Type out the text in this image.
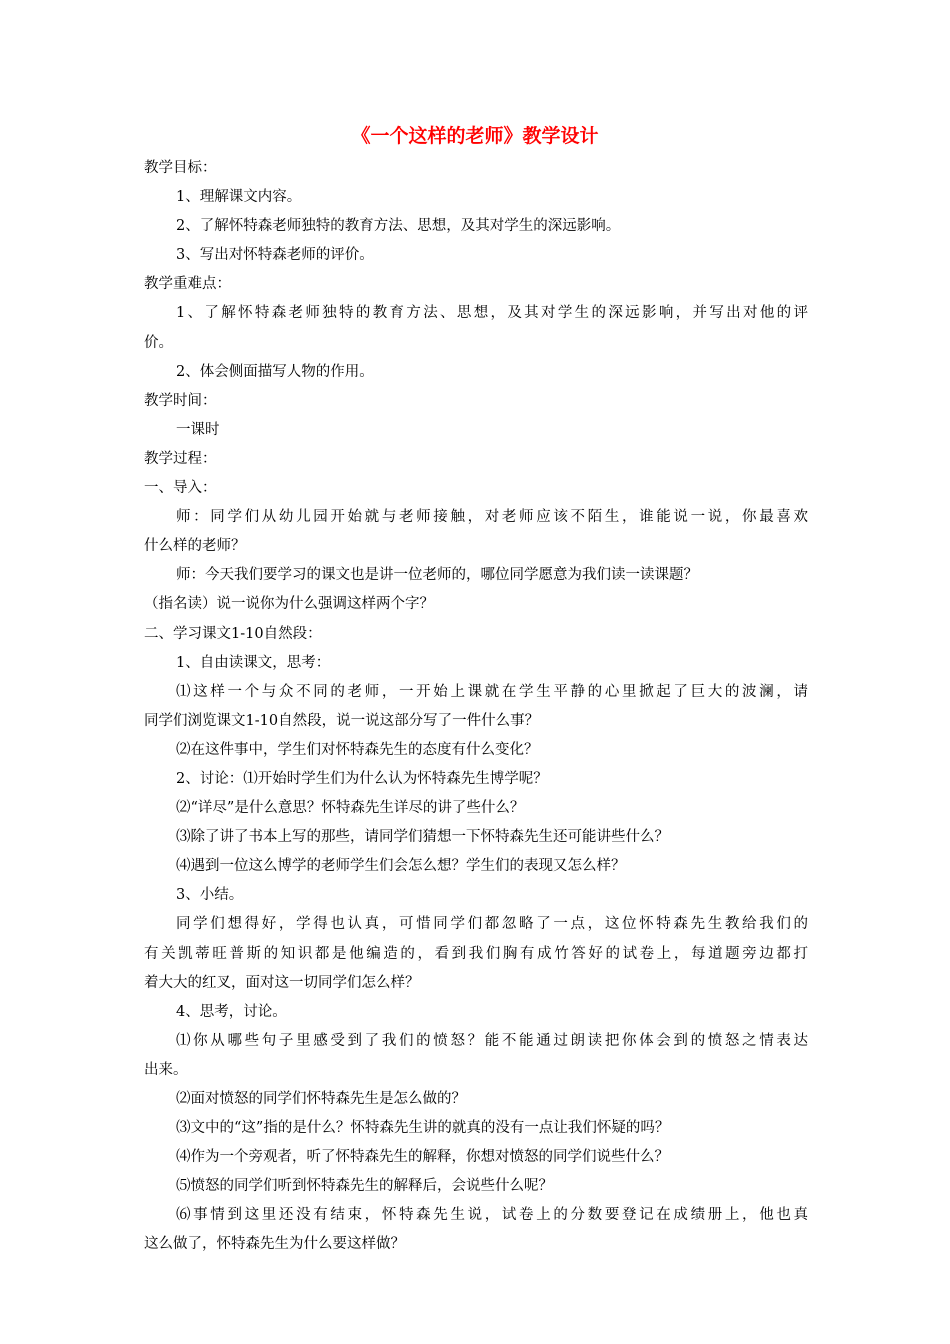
《一个这样的老师》教学设计
教学目标：
1、理解课文内容。
2、了解怀特森老师独特的教育方法、思想，及其对学生的深远影响。
3、写出对怀特森老师的评价。
教学重难点：
1、了解怀特森老师独特的教育方法、思想，及其对学生的深远影响，并写出对他的评
价。
2、体会侧面描写人物的作用。
教学时间：
一课时
教学过程：
一、导入：
师：同学们从幼儿园开始就与老师接触，对老师应该不陌生，谁能说一说，你最喜欢
什么样的老师？
师：今天我们要学习的课文也是讲一位老师的，哪位同学愿意为我们读一读课题？
（指名读）说一说你为什么强调这样两个字？
二、学习课文1-10自然段：
1、自由读课文，思考：
⑴这样一个与众不同的老师，一开始上课就在学生平静的心里掀起了巨大的波澜，请
同学们浏览课文1-10自然段，说一说这部分写了一件什么事？
⑵在这件事中，学生们对怀特森先生的态度有什么变化？
2、讨论：⑴开始时学生们为什么认为怀特森先生博学呢？
⑵“详尽”是什么意思？怀特森先生详尽的讲了些什么？
⑶除了讲了书本上写的那些，请同学们猜想一下怀特森先生还可能讲些什么？
⑷遇到一位这么博学的老师学生们会怎么想？学生们的表现又怎么样？
3、小结。
同学们想得好，学得也认真，可惜同学们都忽略了一点，这位怀特森先生教给我们的
有关凯蒂旺普斯的知识都是他编造的，看到我们胸有成竹答好的试卷上，每道题旁边都打
着大大的红叉，面对这一切同学们怎么样？
4、思考，讨论。
⑴你从哪些句子里感受到了我们的愤怒？能不能通过朗读把你体会到的愤怒之情表达
出来。
⑵面对愤怒的同学们怀特森先生是怎么做的？
⑶文中的“这”指的是什么？怀特森先生讲的就真的没有一点让我们怀疑的吗？
⑷作为一个旁观者，听了怀特森先生的解释，你想对愤怒的同学们说些什么？
⑸愤怒的同学们听到怀特森先生的解释后，会说些什么呢？
⑹事情到这里还没有结束，怀特森先生说，试卷上的分数要登记在成绩册上，他也真
这么做了，怀特森先生为什么要这样做？
